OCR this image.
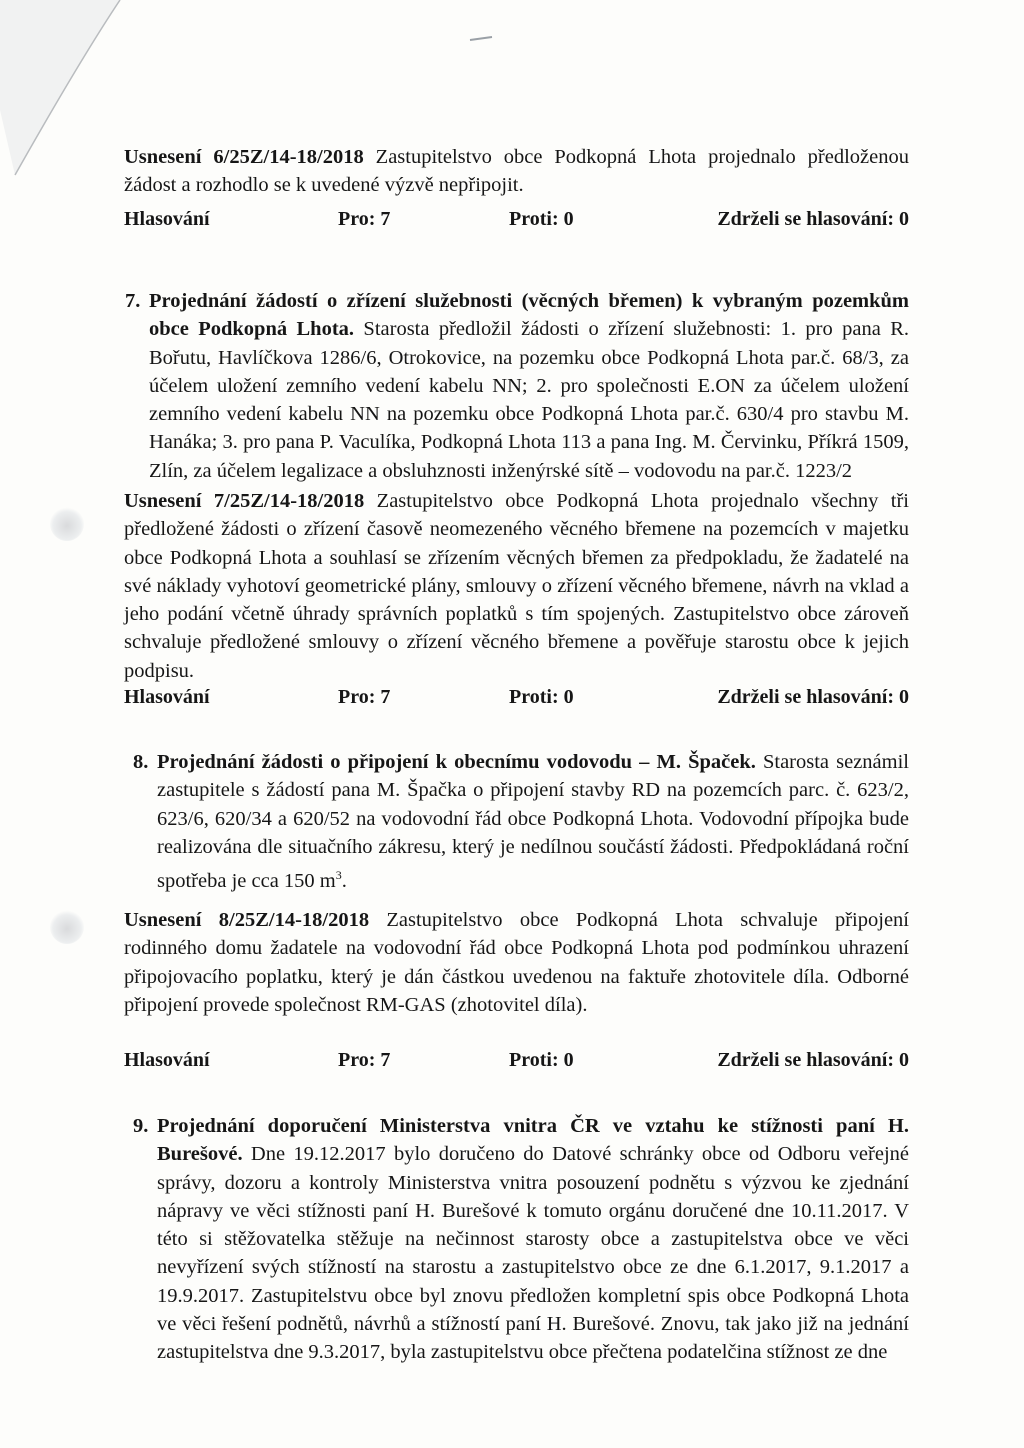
Usnesení 6/25Z/14-18/2018 Zastupitelstvo obce Podkopná Lhota projednalo předloženou žádost a rozhodlo se k uvedené výzvě nepřipojit.

Hlasování	Pro: 7	Proti: 0	Zdrželi se hlasování: 0
7. Projednání žádostí o zřízení služebnosti (věcných břemen) k vybraným pozemkům obce Podkopná Lhota. Starosta předložil žádosti o zřízení služebnosti: 1. pro pana R. Bořutu, Havlíčkova 1286/6, Otrokovice, na pozemku obce Podkopná Lhota par.č. 68/3, za účelem uložení zemního vedení kabelu NN; 2. pro společnosti E.ON za účelem uložení zemního vedení kabelu NN na pozemku obce Podkopná Lhota par.č. 630/4 pro stavbu M. Hanáka; 3. pro pana P. Vaculíka, Podkopná Lhota 113 a pana Ing. M. Červinku, Příkrá 1509, Zlín, za účelem legalizace a obsluhznosti inženýrské sítě – vodovodu na par.č. 1223/2

Usnesení 7/25Z/14-18/2018 Zastupitelstvo obce Podkopná Lhota projednalo všechny tři předložené žádosti o zřízení časově neomezeného věcného břemene na pozemcích v majetku obce Podkopná Lhota a souhlasí se zřízením věcných břemen za předpokladu, že žadatelé na své náklady vyhotoví geometrické plány, smlouvy o zřízení věcného břemene, návrh na vklad a jeho podání včetně úhrady správních poplatků s tím spojených. Zastupitelstvo obce zároveň schvaluje předložené smlouvy o zřízení věcného břemene a pověřuje starostu obce k jejich podpisu.

Hlasování	Pro: 7	Proti: 0	Zdrželi se hlasování: 0
8. Projednání žádosti o připojení k obecnímu vodovodu – M. Špaček. Starosta seznámil zastupitele s žádostí pana M. Špačka o připojení stavby RD na pozemcích parc. č. 623/2, 623/6, 620/34 a 620/52 na vodovodní řád obce Podkopná Lhota. Vodovodní přípojka bude realizována dle situačního zákresu, který je nedílnou součástí žádosti. Předpokládaná roční spotřeba je cca 150 $m^3$.

Usnesení 8/25Z/14-18/2018 Zastupitelstvo obce Podkopná Lhota schvaluje připojení rodinného domu žadatele na vodovodní řád obce Podkopná Lhota pod podmínkou uhrazení připojovacího poplatku, který je dán částkou uvedenou na faktuře zhotovitele díla. Odborné připojení provede společnost RM-GAS (zhotovitel díla).

Hlasování	Pro: 7	Proti: 0	Zdrželi se hlasování: 0
9. Projednání doporučení Ministerstva vnitra ČR ve vztahu ke stížnosti paní H. Burešové. Dne 19.12.2017 bylo doručeno do Datové schránky obce od Odboru veřejné správy, dozoru a kontroly Ministerstva vnitra posouzení podnětu s výzvou ke zjednání nápravy ve věci stížnosti paní H. Burešové k tomuto orgánu doručené dne 10.11.2017. V této si stěžovatelka stěžuje na nečinnost starosty obce a zastupitelstva obce ve věci nevyřízení svých stížností na starostu a zastupitelstvo obce ze dne 6.1.2017, 9.1.2017 a 19.9.2017. Zastupitelstvu obce byl znovu předložen kompletní spis obce Podkopná Lhota ve věci řešení podnětů, návrhů a stížností paní H. Burešové. Znovu, tak jako již na jednání zastupitelstva dne 9.3.2017, byla zastupitelstvu obce přečtena podatelčina stížnost ze dne
